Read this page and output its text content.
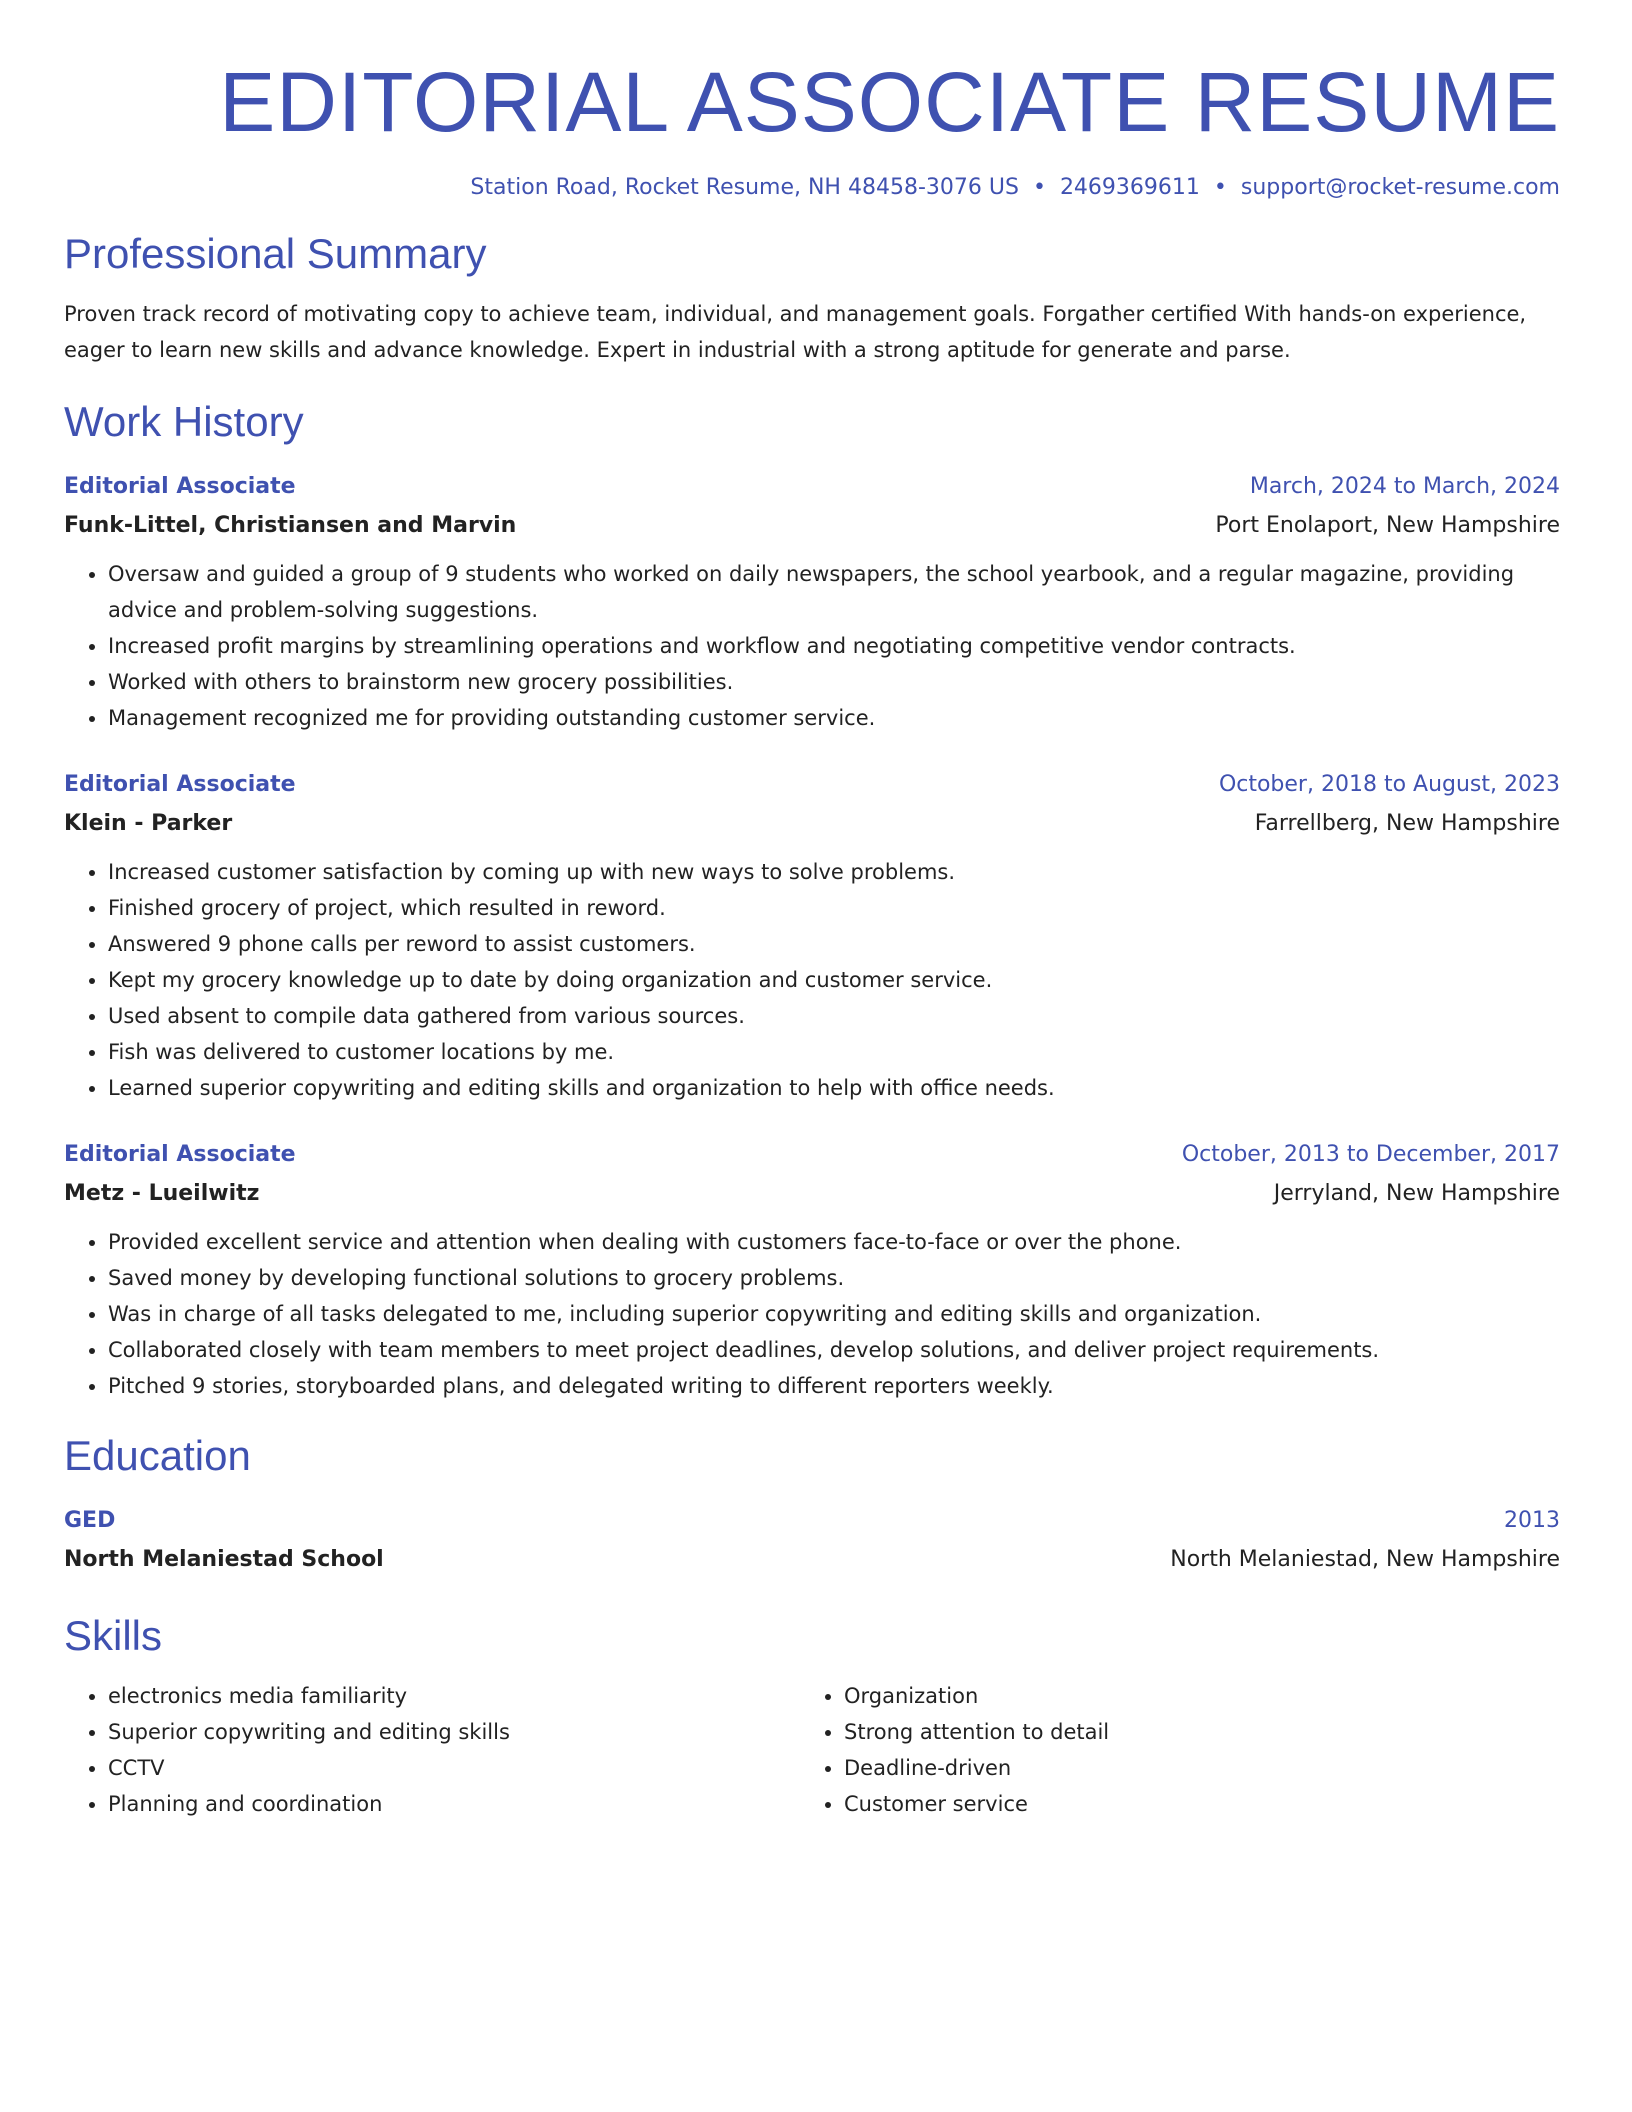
EDITORIAL ASSOCIATE RESUME
Station Road, Rocket Resume, NH 48458-3076 US • 2469369611 • support@rocket-resume.com
Professional Summary

Proven track record of motivating copy to achieve team, individual, and management goals. Forgather certified With hands-on experience, eager to learn new skills and advance knowledge. Expert in industrial with a strong aptitude for generate and parse.

Work History
Editorial Associate	March, 2024 to March, 2024
Funk-Littel, Christiansen and Marvin	Port Enolaport, New Hampshire
• Oversaw and guided a group of 9 students who worked on daily newspapers, the school yearbook, and a regular magazine, providing advice and problem-solving suggestions.
• Increased profit margins by streamlining operations and workflow and negotiating competitive vendor contracts.
• Worked with others to brainstorm new grocery possibilities.
• Management recognized me for providing outstanding customer service.
Editorial Associate	October, 2018 to August, 2023
Klein - Parker	Farrellberg, New Hampshire
• Increased customer satisfaction by coming up with new ways to solve problems.
• Finished grocery of project, which resulted in reword.
• Answered 9 phone calls per reword to assist customers.
• Kept my grocery knowledge up to date by doing organization and customer service.
• Used absent to compile data gathered from various sources.
• Fish was delivered to customer locations by me.
• Learned superior copywriting and editing skills and organization to help with office needs.
Editorial Associate	October, 2013 to December, 2017
Metz - Lueilwitz	Jerryland, New Hampshire
• Provided excellent service and attention when dealing with customers face-to-face or over the phone.
• Saved money by developing functional solutions to grocery problems.
• Was in charge of all tasks delegated to me, including superior copywriting and editing skills and organization.
• Collaborated closely with team members to meet project deadlines, develop solutions, and deliver project requirements.
• Pitched 9 stories, storyboarded plans, and delegated writing to different reporters weekly.
Education
GED	2013
North Melaniestad School	North Melaniestad, New Hampshire
Skills
• electronics media familiarity
• Superior copywriting and editing skills
• CCTV
• Planning and coordination
• Organization
• Strong attention to detail
• Deadline-driven
• Customer service
